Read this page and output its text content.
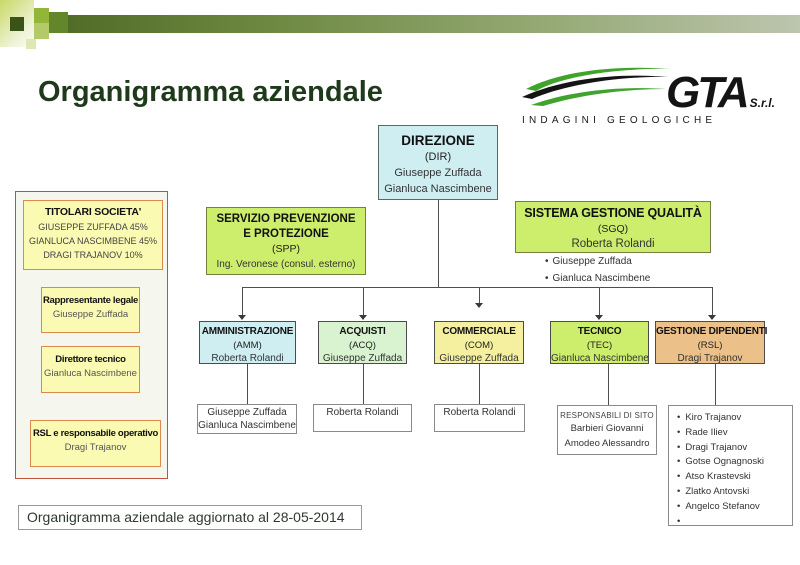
Organigramma aziendale	GTA S.r.l.
INDAGINI GEOLOGICHE
TITOLARI SOCIETA'
GIUSEPPE ZUFFADA 45%
GIANLUCA NASCIMBENE 45%
DRAGI TRAJANOV 10%
Rappresentante legale
Giuseppe Zuffada
Direttore tecnico
Gianluca Nascimbene
RSL e responsabile operativo
Dragi Trajanov
DIREZIONE
(DIR)
Giuseppe Zuffada
Gianluca Nascimbene
SERVIZIO PREVENZIONE
E PROTEZIONE
(SPP)
Ing. Veronese (consul. esterno)
SISTEMA GESTIONE QUALITÀ
(SGQ)
Roberta Rolandi
• Giuseppe Zuffada
• Gianluca Nascimbene
AMMINISTRAZIONE
(AMM)
Roberta Rolandi
ACQUISTI
(ACQ)
Giuseppe Zuffada
COMMERCIALE
(COM)
Giuseppe Zuffada
TECNICO
(TEC)
Gianluca Nascimbene
GESTIONE DIPENDENTI
(RSL)
Dragi Trajanov
Giuseppe Zuffada
Gianluca Nascimbene
Roberta Rolandi	Roberta Rolandi	RESPONSABILI DI SITO
Barbieri Giovanni
Amodeo Alessandro
• Kiro Trajanov
• Rade Iliev
• Dragi Trajanov
• Gotse Ognagnoski
• Atso Krastevski
• Zlatko Antovski
• Angelco Stefanov
•
Organigramma aziendale aggiornato al 28-05-2014
